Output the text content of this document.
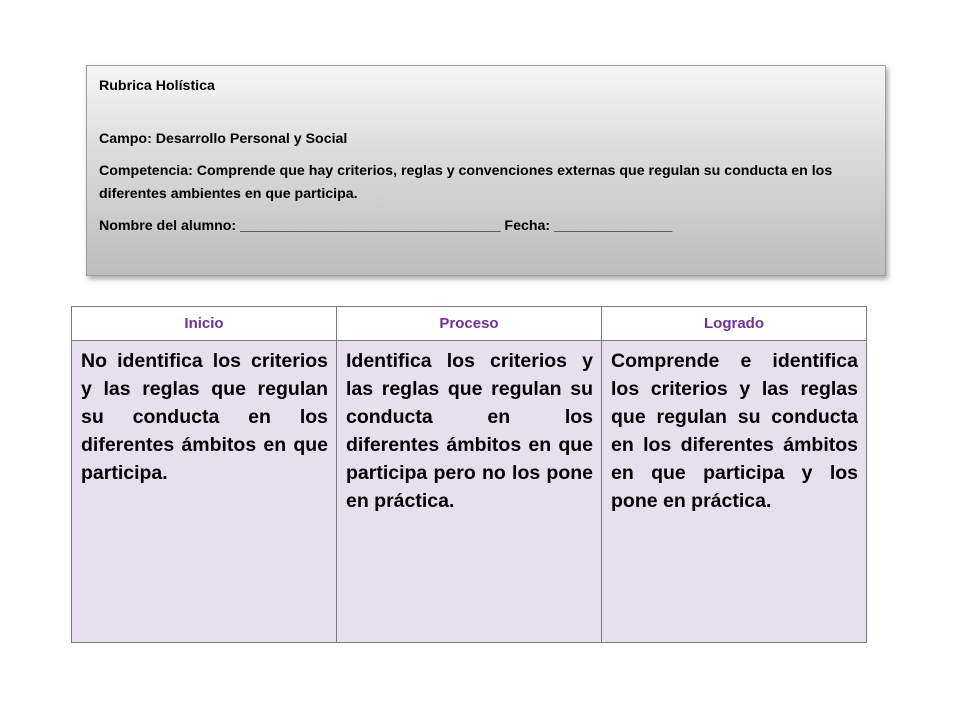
Rubrica Holística

Campo: Desarrollo Personal y Social

Competencia: Comprende que hay criterios, reglas y convenciones externas que regulan su conducta en los diferentes ambientes en que participa.

Nombre del alumno: _________________________________ Fecha: _______________

Inicio	Proceso	Logrado
No identifica los criterios y las reglas que regulan su conducta en los diferentes ámbitos en que participa.	Identifica los criterios y las reglas que regulan su conducta en los diferentes ámbitos en que participa pero no los pone en práctica.	Comprende e identifica los criterios y las reglas que regulan su conducta en los diferentes ámbitos en que participa y los pone en práctica.
